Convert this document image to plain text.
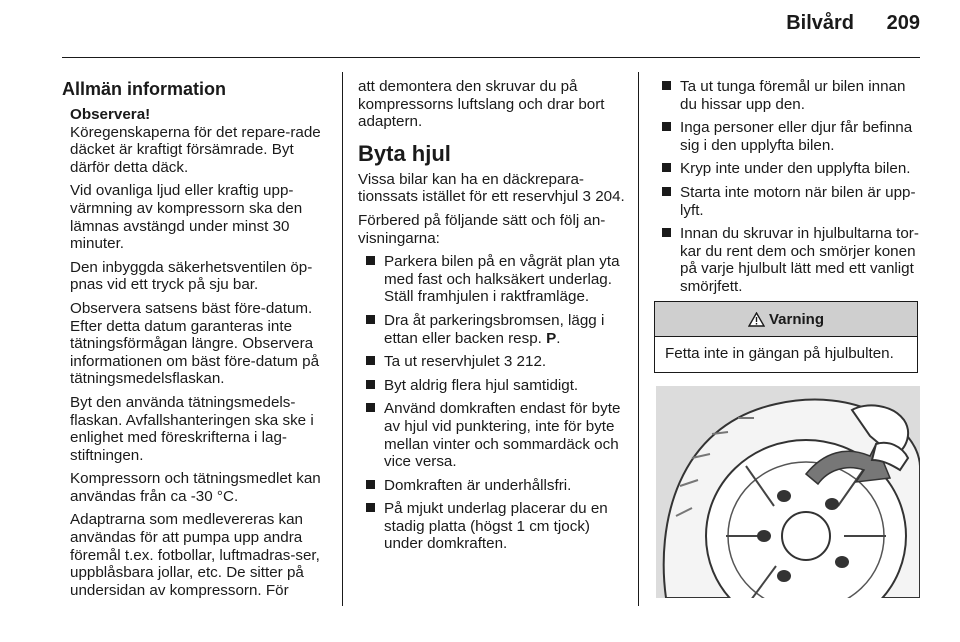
Bilvård	209
Allmän information
Observera!

Köregenskaperna för det repare-rade däcket är kraftigt försämrade. Byt därför detta däck.

Vid ovanliga ljud eller kraftig upp-värmning av kompressorn ska den lämnas avstängd under minst 30 minuter.

Den inbyggda säkerhetsventilen öp-pnas vid ett tryck på sju bar.

Observera satsens bäst före-datum. Efter detta datum garanteras inte tätningsförmågan längre. Observera informationen om bäst före-datum på tätningsmedelsflaskan.

Byt den använda tätningsmedels-flaskan. Avfallshanteringen ska ske i enlighet med föreskrifterna i lag-stiftningen.

Kompressorn och tätningsmedlet kan användas från ca -30 °C.

Adaptrarna som medlevereras kan användas för att pumpa upp andra föremål t.ex. fotbollar, luftmadras-ser, uppblåsbara jollar, etc. De sitter på undersidan av kompressorn. För

att demontera den skruvar du på kompressorns luftslang och drar bort adaptern.

Byta hjul

Vissa bilar kan ha en däckrepara-tionssats istället för ett reservhjul 3 204.

Förbered på följande sätt och följ an-visningarna:

Parkera bilen på en vågrät plan yta med fast och halksäkert underlag. Ställ framhjulen i raktframläge.
Dra åt parkeringsbromsen, lägg i ettan eller backen resp. P.
Ta ut reservhjulet 3 212.
Byt aldrig flera hjul samtidigt.
Använd domkraften endast för byte av hjul vid punktering, inte för byte mellan vinter och sommardäck och vice versa.
Domkraften är underhållsfri.
På mjukt underlag placerar du en stadig platta (högst 1 cm tjock) under domkraften.
Ta ut tunga föremål ur bilen innan du hissar upp den.
Inga personer eller djur får befinna sig i den upplyfta bilen.
Kryp inte under den upplyfta bilen.
Starta inte motorn när bilen är upp-lyft.
Innan du skruvar in hjulbultarna tor-kar du rent dem och smörjer konen på varje hjulbult lätt med ett vanligt smörjfett.
Varning
Fetta inte in gängan på hjulbulten.
